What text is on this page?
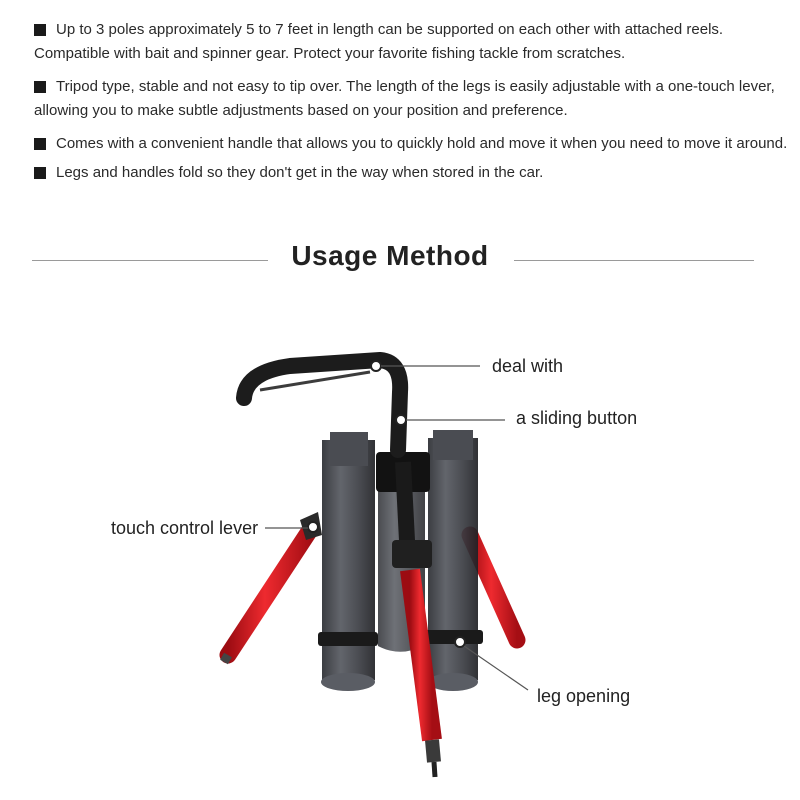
Up to 3 poles approximately 5 to 7 feet in length can be supported on each other with attached reels. Compatible with bait and spinner gear. Protect your favorite fishing tackle from scratches.
Tripod type, stable and not easy to tip over. The length of the legs is easily adjustable with a one-touch lever, allowing you to make subtle adjustments based on your position and preference.
Comes with a convenient handle that allows you to quickly hold and move it when you need to move it around.
Legs and handles fold so they don't get in the way when stored in the car.
Usage Method
deal with
a sliding button
touch control lever
leg opening
